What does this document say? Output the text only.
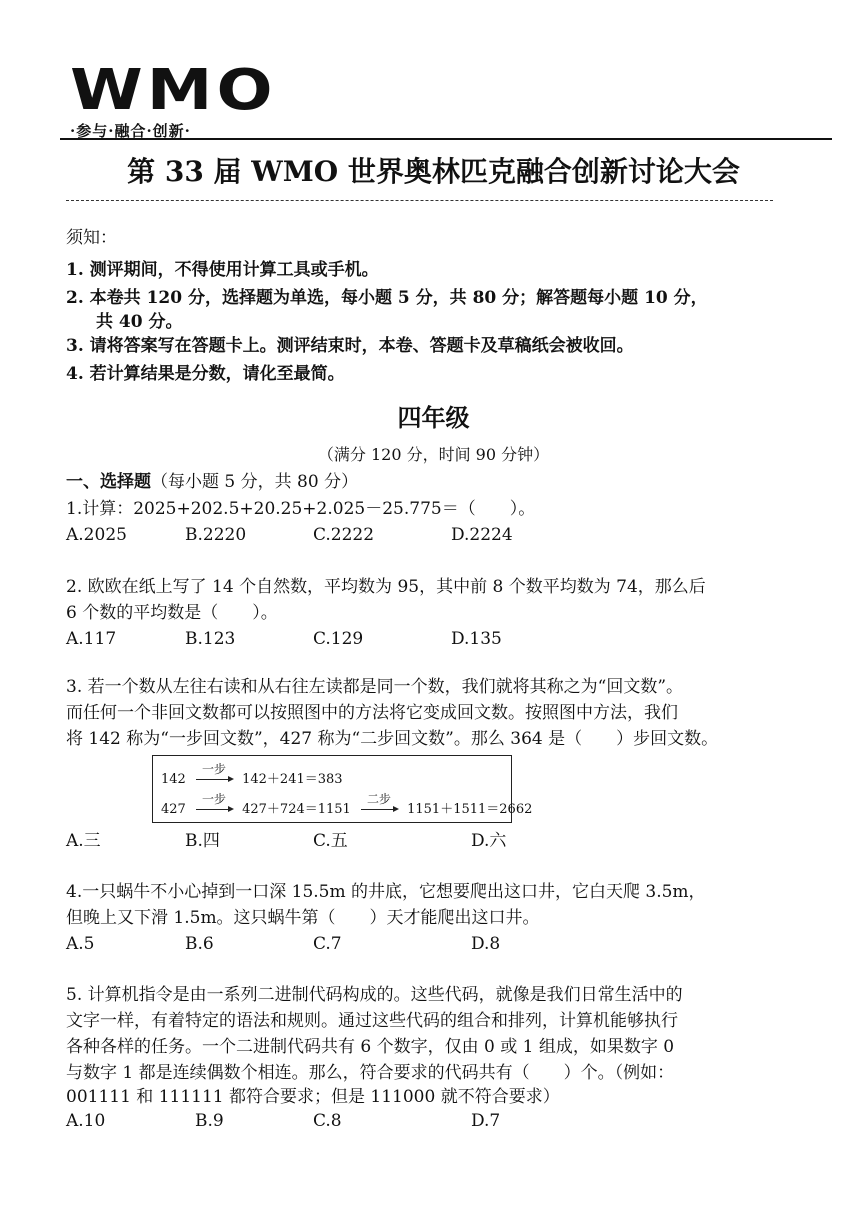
WMO
·参与·融合·创新·
第 33 届 WMO 世界奥林匹克融合创新讨论大会
须知：
1. 测评期间，不得使用计算工具或手机。
2. 本卷共 120 分，选择题为单选，每小题 5 分，共 80 分；解答题每小题 10 分，
共 40 分。
3. 请将答案写在答题卡上。测评结束时，本卷、答题卡及草稿纸会被收回。
4. 若计算结果是分数，请化至最简。
四年级
（满分 120 分，时间 90 分钟）
一、选择题（每小题 5 分，共 80 分）
1.计算：2025+202.5+20.25+2.025－25.775＝（　　）。
A.2025	B.2220	C.2222	D.2224
2. 欧欧在纸上写了 14 个自然数，平均数为 95，其中前 8 个数平均数为 74，那么后
6 个数的平均数是（　　）。
A.117	B.123	C.129	D.135
3. 若一个数从左往右读和从右往左读都是同一个数，我们就将其称之为“回文数”。
而任何一个非回文数都可以按照图中的方法将它变成回文数。按照图中方法，我们
将 142 称为“一步回文数”，427 称为“二步回文数”。那么 364 是（　　）步回文数。
142
一步
142＋241＝383
427
一步
427＋724＝1151
二步
1151＋1511＝2662
A.三	B.四	C.五	D.六
4.一只蜗牛不小心掉到一口深 15.5m 的井底，它想要爬出这口井，它白天爬 3.5m，
但晚上又下滑 1.5m。这只蜗牛第（　　）天才能爬出这口井。
A.5	B.6	C.7	D.8
5. 计算机指令是由一系列二进制代码构成的。这些代码，就像是我们日常生活中的
文字一样，有着特定的语法和规则。通过这些代码的组合和排列，计算机能够执行
各种各样的任务。一个二进制代码共有 6 个数字，仅由 0 或 1 组成，如果数字 0
与数字 1 都是连续偶数个相连。那么，符合要求的代码共有（　　）个。（例如：
001111 和 111111 都符合要求；但是 111000 就不符合要求）
A.10	B.9	C.8	D.7
